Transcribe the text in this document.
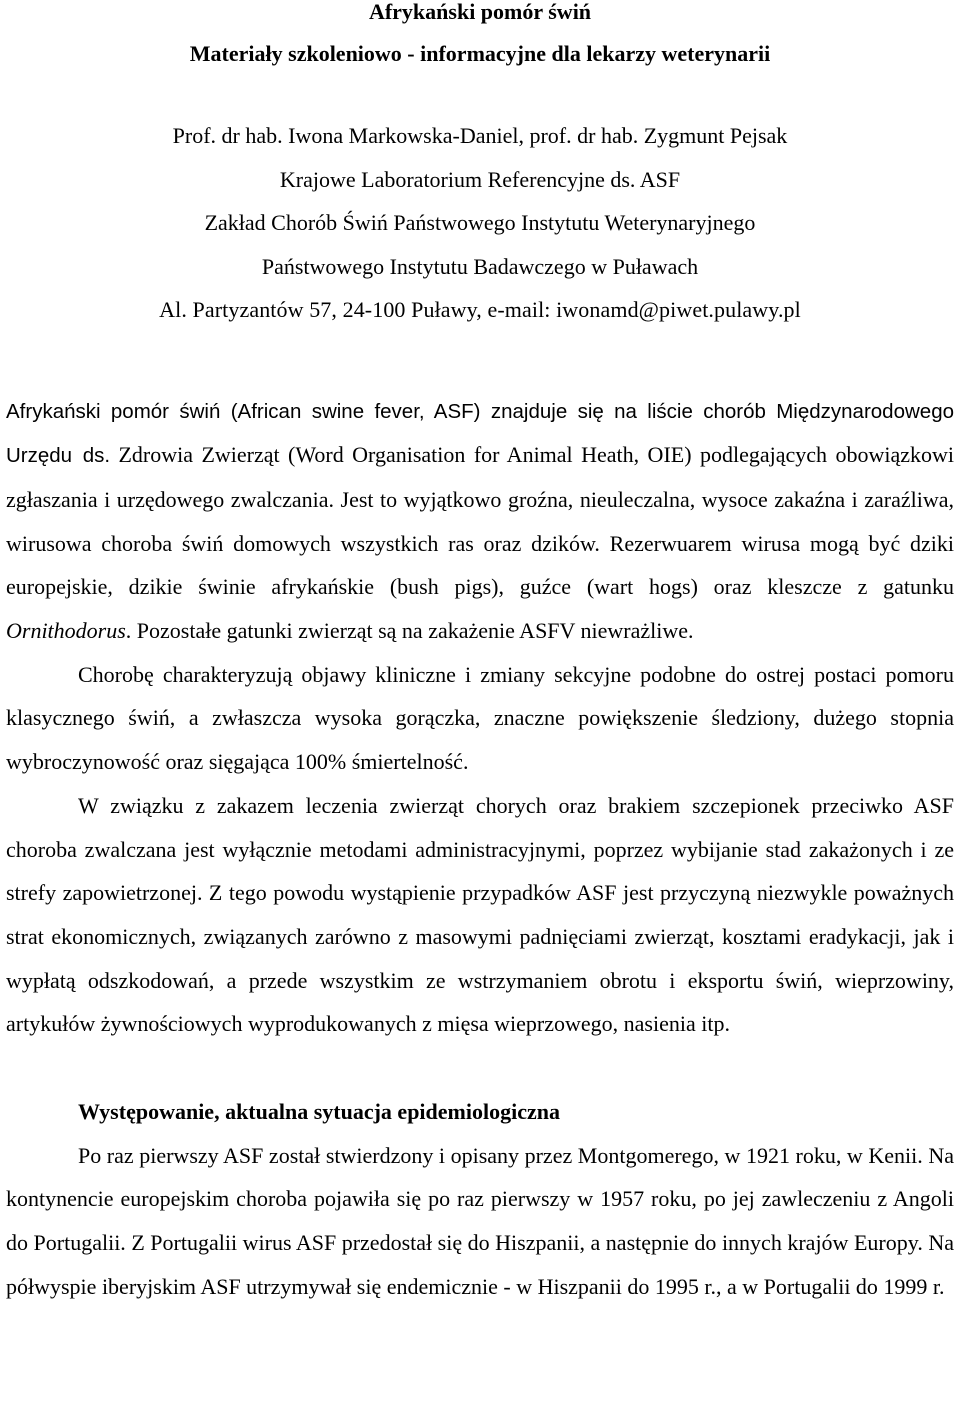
Afrykański pomór świń
Materiały szkoleniowo - informacyjne dla lekarzy weterynarii
Prof. dr hab. Iwona Markowska-Daniel, prof. dr hab. Zygmunt Pejsak
Krajowe Laboratorium Referencyjne ds. ASF
Zakład Chorób Świń Państwowego Instytutu Weterynaryjnego
Państwowego Instytutu Badawczego w Puławach
Al. Partyzantów 57, 24-100 Puławy, e-mail: iwonamd@piwet.pulawy.pl

Afrykański pomór świń (African swine fever, ASF) znajduje się na liście chorób Międzynarodowego Urzędu ds. Zdrowia Zwierząt (Word Organisation for Animal Heath, OIE) podlegających obowiązkowi zgłaszania i urzędowego zwalczania. Jest to wyjątkowo groźna, nieuleczalna, wysoce zakaźna i zaraźliwa, wirusowa choroba świń domowych wszystkich ras oraz dzików. Rezerwuarem wirusa mogą być dziki europejskie, dzikie świnie afrykańskie (bush pigs), guźce (wart hogs) oraz kleszcze z gatunku Ornithodorus. Pozostałe gatunki zwierząt są na zakażenie ASFV niewrażliwe.

Chorobę charakteryzują objawy kliniczne i zmiany sekcyjne podobne do ostrej postaci pomoru klasycznego świń, a zwłaszcza wysoka gorączka, znaczne powiększenie śledziony, dużego stopnia wybroczynowość oraz sięgająca 100% śmiertelność.

W związku z zakazem leczenia zwierząt chorych oraz brakiem szczepionek przeciwko ASF choroba zwalczana jest wyłącznie metodami administracyjnymi, poprzez wybijanie stad zakażonych i ze strefy zapowietrzonej. Z tego powodu wystąpienie przypadków ASF jest przyczyną niezwykle poważnych strat ekonomicznych, związanych zarówno z masowymi padnięciami zwierząt, kosztami eradykacji, jak i wypłatą odszkodowań, a przede wszystkim ze wstrzymaniem obrotu i eksportu świń, wieprzowiny, artykułów żywnościowych wyprodukowanych z mięsa wieprzowego, nasienia itp.

Występowanie, aktualna sytuacja epidemiologiczna

Po raz pierwszy ASF został stwierdzony i opisany przez Montgomerego, w 1921 roku, w Kenii. Na kontynencie europejskim choroba pojawiła się po raz pierwszy w 1957 roku, po jej zawleczeniu z Angoli do Portugalii. Z Portugalii wirus ASF przedostał się do Hiszpanii, a następnie do innych krajów Europy. Na półwyspie iberyjskim ASF utrzymywał się endemicznie - w Hiszpanii do 1995 r., a w Portugalii do 1999 r.
